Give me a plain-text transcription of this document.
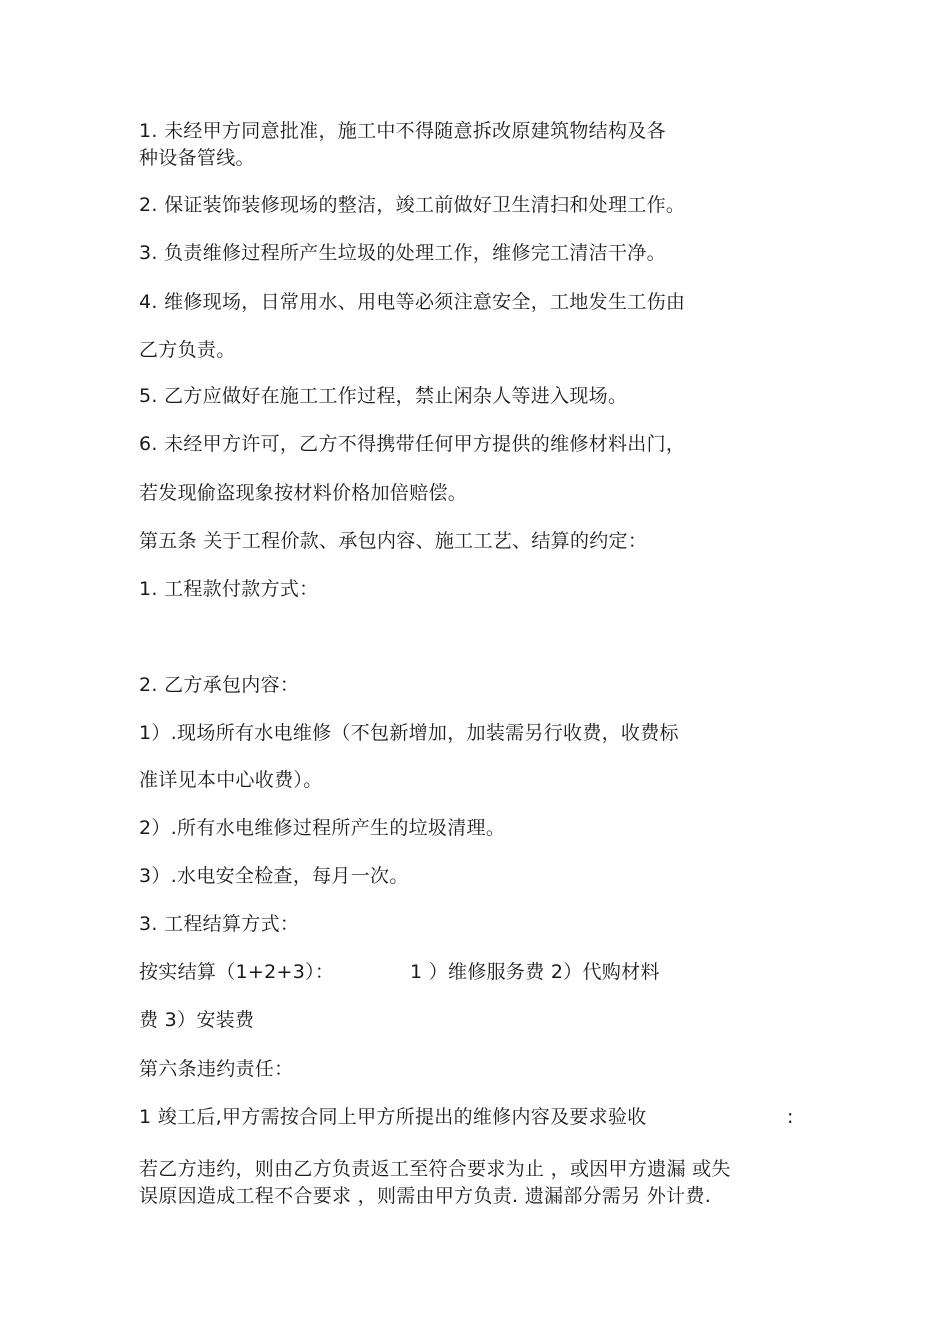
1. 未经甲方同意批准，施工中不得随意拆改原建筑物结构及各
种设备管线。
2. 保证装饰装修现场的整洁，竣工前做好卫生清扫和处理工作。
3. 负责维修过程所产生垃圾的处理工作，维修完工清洁干净。
4. 维修现场，日常用水、用电等必须注意安全，工地发生工伤由
乙方负责。
5. 乙方应做好在施工工作过程，禁止闲杂人等进入现场。
6. 未经甲方许可，乙方不得携带任何甲方提供的维修材料出门，
若发现偷盗现象按材料价格加倍赔偿。
第五条 关于工程价款、承包内容、施工工艺、结算的约定：
1. 工程款付款方式：
2. 乙方承包内容：
1）.现场所有水电维修（不包新增加，加装需另行收费，收费标
准详见本中心收费）。
2）.所有水电维修过程所产生的垃圾清理。
3）.水电安全检查，每月一次。
3. 工程结算方式：
按实结算（1+2+3）：	1 ）维修服务费 2）代购材料
费 3）安装费
第六条违约责任：
1 竣工后,甲方需按合同上甲方所提出的维修内容及要求验收	:
若乙方违约，则由乙方负责返工至符合要求为止 ，或因甲方遗漏 或失
误原因造成工程不合要求 ，则需由甲方负责. 遗漏部分需另 外计费.
